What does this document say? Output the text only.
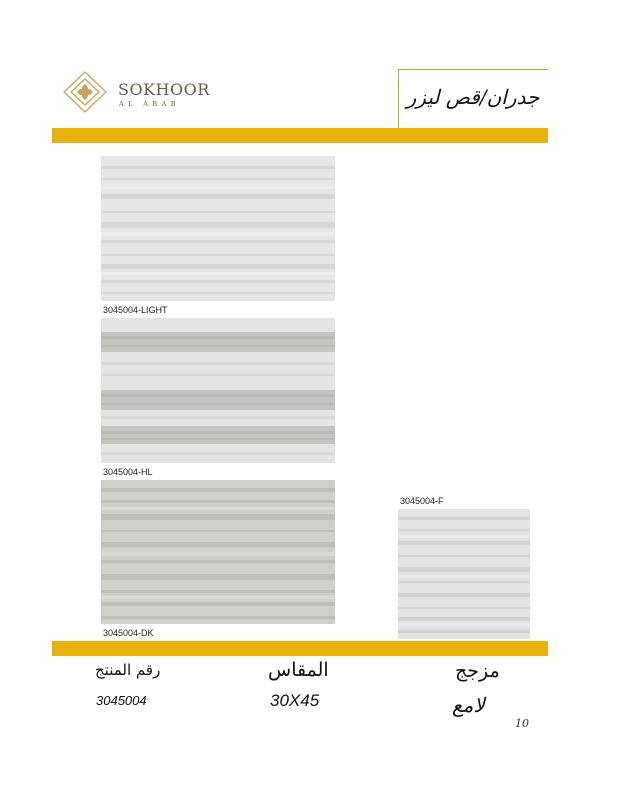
SOKHOOR
AL ARAB	جدران/قص ليزر
3045004-LIGHT
3045004-HL
3045004-DK
3045004-F
رقم المنتج	المقاس	مزجج
3045004	30X45	لامع
10
